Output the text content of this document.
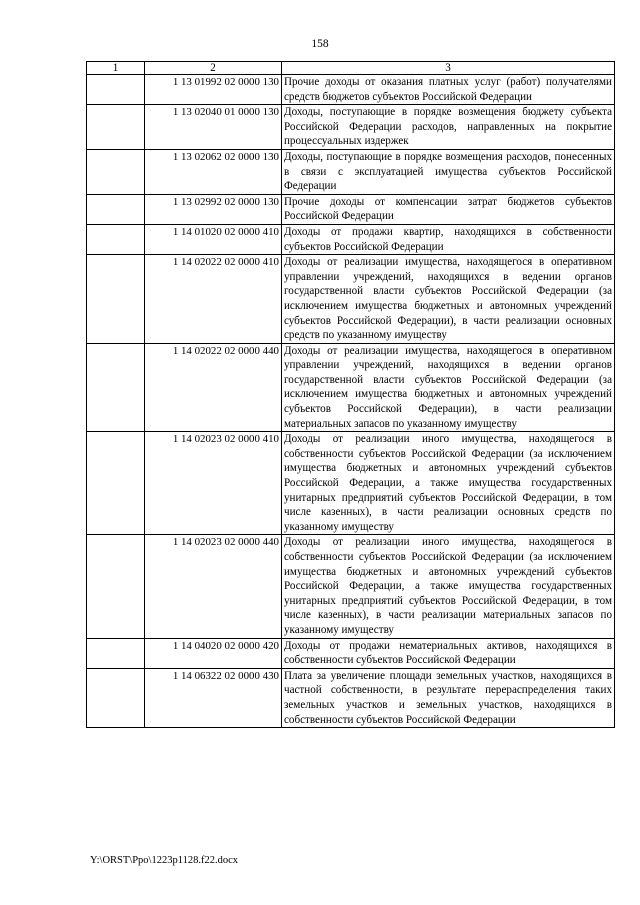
158
1	2	3
	1 13 01992 02 0000 130	Прочие доходы от оказания платных услуг (работ) получателями средств бюджетов субъектов Российской Федерации
	1 13 02040 01 0000 130	Доходы, поступающие в порядке возмещения бюджету субъекта Российской Федерации расходов, направленных на покрытие процессуальных издержек
	1 13 02062 02 0000 130	Доходы, поступающие в порядке возмещения расходов, понесенных в связи с эксплуатацией имущества субъектов Российской Федерации
	1 13 02992 02 0000 130	Прочие доходы от компенсации затрат бюджетов субъектов Российской Федерации
	1 14 01020 02 0000 410	Доходы от продажи квартир, находящихся в собственности субъектов Российской Федерации
	1 14 02022 02 0000 410	Доходы от реализации имущества, находящегося в оперативном управлении учреждений, находящихся в ведении органов государственной власти субъектов Российской Федерации (за исключением имущества бюджетных и автономных учреждений субъектов Российской Федерации), в части реализации основных средств по указанному имуществу
	1 14 02022 02 0000 440	Доходы от реализации имущества, находящегося в оперативном управлении учреждений, находящихся в ведении органов государственной власти субъектов Российской Федерации (за исключением имущества бюджетных и автономных учреждений субъектов Российской Федерации), в части реализации материальных запасов по указанному имуществу
	1 14 02023 02 0000 410	Доходы от реализации иного имущества, находящегося в собственности субъектов Российской Федерации (за исключением имущества бюджетных и автономных учреждений субъектов Российской Федерации, а также имущества государственных унитарных предприятий субъектов Российской Федерации, в том числе казенных), в части реализации основных средств по указанному имуществу
	1 14 02023 02 0000 440	Доходы от реализации иного имущества, находящегося в собственности субъектов Российской Федерации (за исключением имущества бюджетных и автономных учреждений субъектов Российской Федерации, а также имущества государственных унитарных предприятий субъектов Российской Федерации, в том числе казенных), в части реализации материальных запасов по указанному имуществу
	1 14 04020 02 0000 420	Доходы от продажи нематериальных активов, находящихся в собственности субъектов Российской Федерации
	1 14 06322 02 0000 430	Плата за увеличение площади земельных участков, находящихся в частной собственности, в результате перераспределения таких земельных участков и земельных участков, находящихся в собственности субъектов Российской Федерации
Y:\ORST\Ppo\1223p1128.f22.docx
